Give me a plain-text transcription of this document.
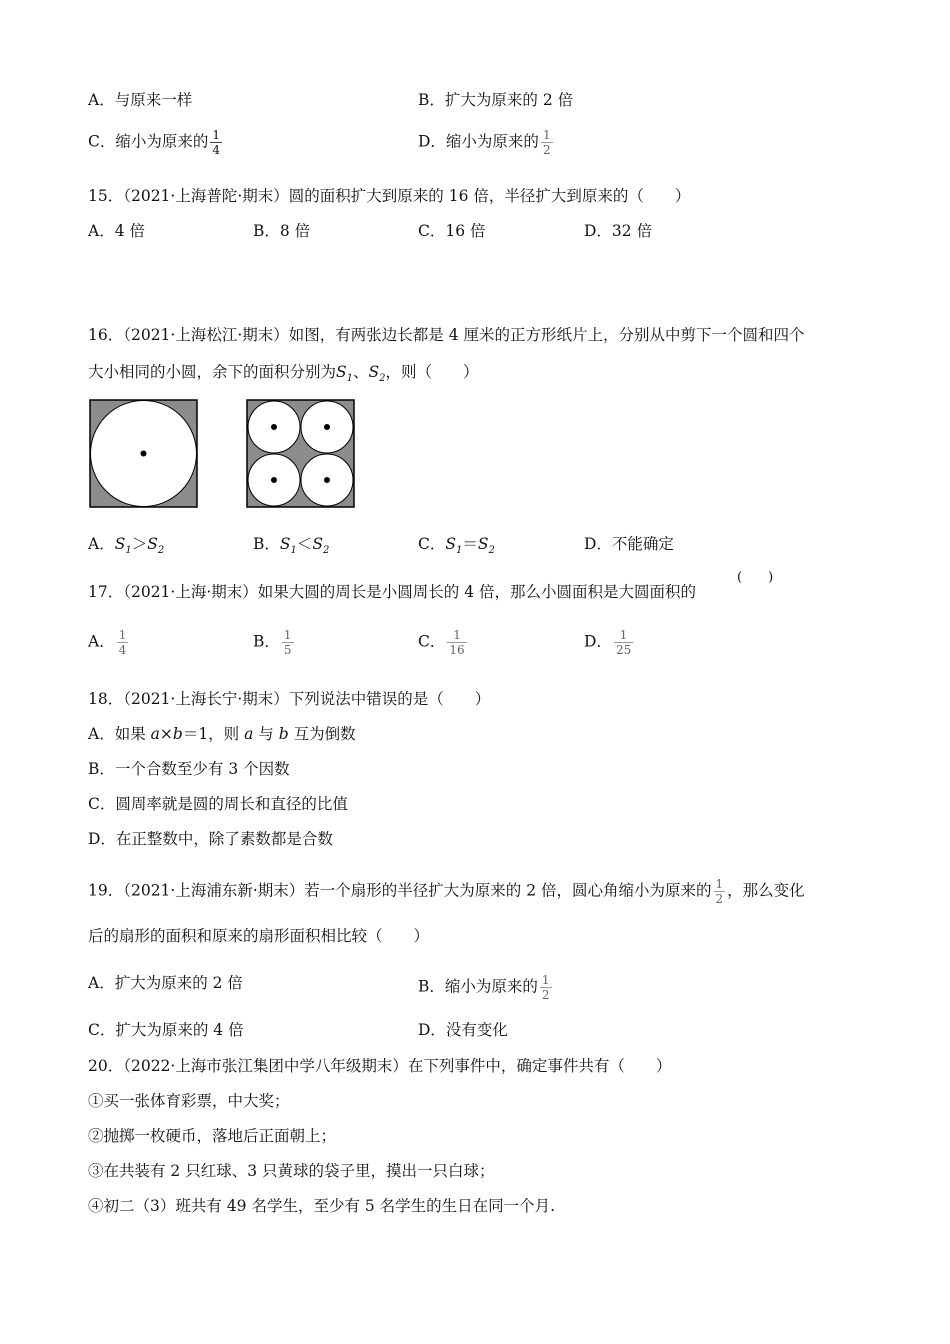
A．与原来一样	B．扩大为原来的 2 倍
C．缩小为原来的 $\frac{1}{4}$	D．缩小为原来的 $\frac{1}{2}$
15．（2021·上海普陀·期末）圆的面积扩大到原来的 16 倍，半径扩大到原来的（　　）
A．4 倍	B．8 倍	C．16 倍	D．32 倍
16．（2021·上海松江·期末）如图，有两张边长都是 4 厘米的正方形纸片上，分别从中剪下一个圆和四个
大小相同的小圆，余下的面积分别为$S_1$、$S_2$，则（　　）
A．$S_1>S_2$	B．$S_1<S_2$	C．$S_1=S_2$	D．不能确定
17．（2021·上海·期末）如果大圆的周长是小圆周长的 4 倍，那么小圆面积是大圆面积的
(　　)
A． $\frac{1}{4}$	B． $\frac{1}{5}$	C． $\frac{1}{16}$	D． $\frac{1}{25}$
18．（2021·上海长宁·期末）下列说法中错误的是（　　）
A．如果 a×b＝1，则 a 与 b 互为倒数
B．一个合数至少有 3 个因数
C．圆周率就是圆的周长和直径的比值
D．在正整数中，除了素数都是合数
19．（2021·上海浦东新·期末）若一个扇形的半径扩大为原来的 2 倍，圆心角缩小为原来的 $\frac{1}{2}$ ，那么变化
后的扇形的面积和原来的扇形面积相比较（　　）
A．扩大为原来的 2 倍	B．缩小为原来的 $\frac{1}{2}$
C．扩大为原来的 4 倍	D．没有变化
20．（2022·上海市张江集团中学八年级期末）在下列事件中，确定事件共有（　　）
①买一张体育彩票，中大奖；
②抛掷一枚硬币，落地后正面朝上；
③在共装有 2 只红球、3 只黄球的袋子里，摸出一只白球；
④初二（3）班共有 49 名学生，至少有 5 名学生的生日在同一个月.
